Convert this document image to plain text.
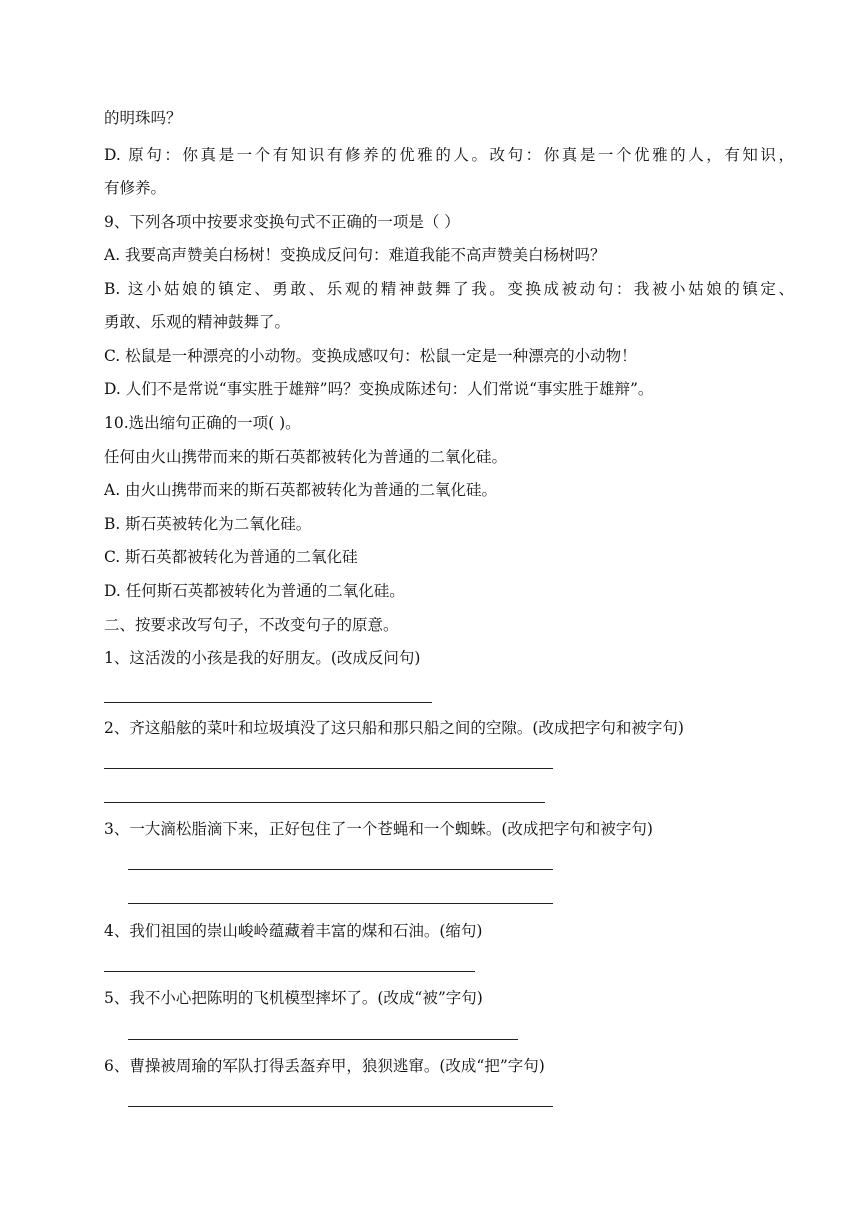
的明珠吗？
D. 原句：你真是一个有知识有修养的优雅的人。改句：你真是一个优雅的人，有知识，
有修养。
9、下列各项中按要求变换句式不正确的一项是（ ）
A. 我要高声赞美白杨树！变换成反问句：难道我能不高声赞美白杨树吗？
B. 这小姑娘的镇定、勇敢、乐观的精神鼓舞了我。变换成被动句：我被小姑娘的镇定、
勇敢、乐观的精神鼓舞了。
C. 松鼠是一种漂亮的小动物。变换成感叹句：松鼠一定是一种漂亮的小动物！
D. 人们不是常说“事实胜于雄辩”吗？变换成陈述句：人们常说“事实胜于雄辩”。
10.选出缩句正确的一项( )。
任何由火山携带而来的斯石英都被转化为普通的二氧化硅。
A. 由火山携带而来的斯石英都被转化为普通的二氧化硅。
B. 斯石英被转化为二氧化硅。
C. 斯石英都被转化为普通的二氧化硅
D. 任何斯石英都被转化为普通的二氧化硅。
二、按要求改写句子，不改变句子的原意。
1、这活泼的小孩是我的好朋友。(改成反问句)
2、齐这船舷的菜叶和垃圾填没了这只船和那只船之间的空隙。(改成把字句和被字句)
3、一大滴松脂滴下来，正好包住了一个苍蝇和一个蜘蛛。(改成把字句和被字句)
4、我们祖国的崇山峻岭蕴藏着丰富的煤和石油。(缩句)
5、我不小心把陈明的飞机模型摔坏了。(改成“被”字句)
6、曹操被周瑜的军队打得丢盔弃甲，狼狈逃窜。(改成“把”字句)
